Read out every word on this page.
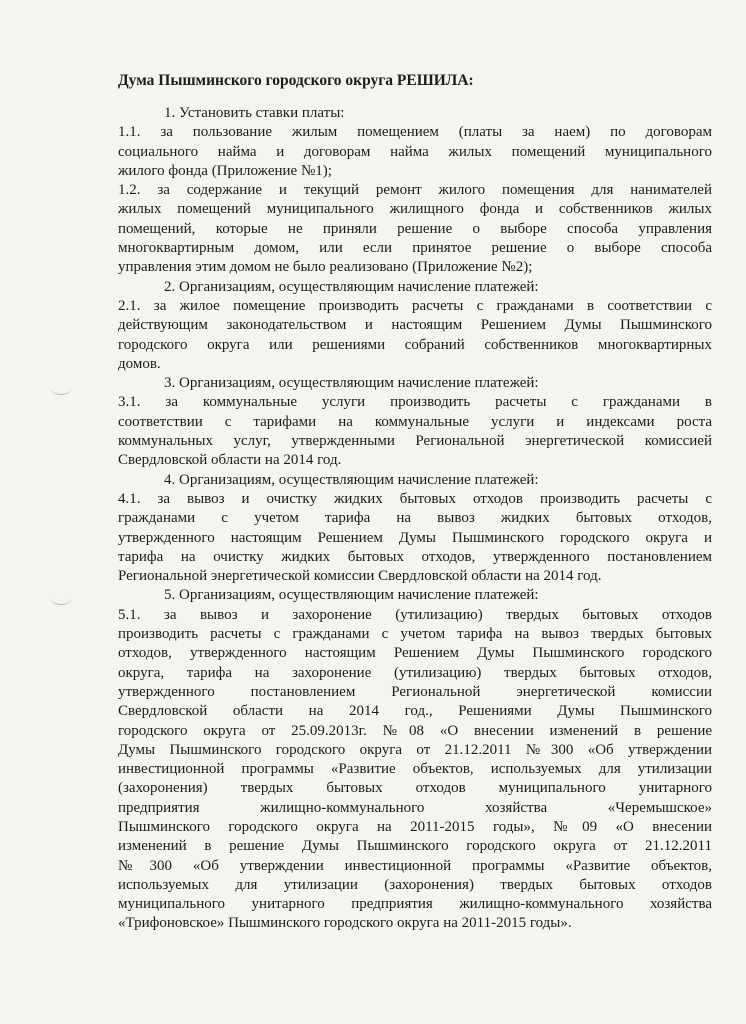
Дума Пышминского городского округа РЕШИЛА:
1. Установить ставки платы:
1.1. за пользование жилым помещением (платы за наем) по договорам
социального найма и договорам найма жилых помещений муниципального
жилого фонда (Приложение №1);
1.2. за содержание и текущий ремонт жилого помещения для нанимателей
жилых помещений муниципального жилищного фонда и собственников жилых
помещений, которые не приняли решение о выборе способа управления
многоквартирным домом, или если принятое решение о выборе способа
управления этим домом не было реализовано (Приложение №2);
2. Организациям, осуществляющим начисление платежей:
2.1. за жилое помещение производить расчеты с гражданами в соответствии с
действующим законодательством и настоящим Решением Думы Пышминского
городского округа или решениями собраний собственников многоквартирных
домов.
3. Организациям, осуществляющим начисление платежей:
3.1. за коммунальные услуги производить расчеты с гражданами в
соответствии с тарифами на коммунальные услуги и индексами роста
коммунальных услуг, утвержденными Региональной энергетической комиссией
Свердловской области на 2014 год.
4. Организациям, осуществляющим начисление платежей:
4.1. за вывоз и очистку жидких бытовых отходов производить расчеты с
гражданами с учетом тарифа на вывоз жидких бытовых отходов,
утвержденного настоящим Решением Думы Пышминского городского округа и
тарифа на очистку жидких бытовых отходов, утвержденного постановлением
Региональной энергетической комиссии Свердловской области на 2014 год.
5. Организациям, осуществляющим начисление платежей:
5.1. за вывоз и захоронение (утилизацию) твердых бытовых отходов
производить расчеты с гражданами с учетом тарифа на вывоз твердых бытовых
отходов, утвержденного настоящим Решением Думы Пышминского городского
округа, тарифа на захоронение (утилизацию) твердых бытовых отходов,
утвержденного постановлением Региональной энергетической комиссии
Свердловской области на 2014 год., Решениями Думы Пышминского
городского округа от 25.09.2013г. №08 «О внесении изменений в решение
Думы Пышминского городского округа от 21.12.2011 №300 «Об утверждении
инвестиционной программы «Развитие объектов, используемых для утилизации
(захоронения) твердых бытовых отходов муниципального унитарного
предприятия жилищно-коммунального хозяйства «Черемышское»
Пышминского городского округа на 2011-2015 годы», №09 «О внесении
изменений в решение Думы Пышминского городского округа от 21.12.2011
№300 «Об утверждении инвестиционной программы «Развитие объектов,
используемых для утилизации (захоронения) твердых бытовых отходов
муниципального унитарного предприятия жилищно-коммунального хозяйства
«Трифоновское» Пышминского городского округа на 2011-2015 годы».
